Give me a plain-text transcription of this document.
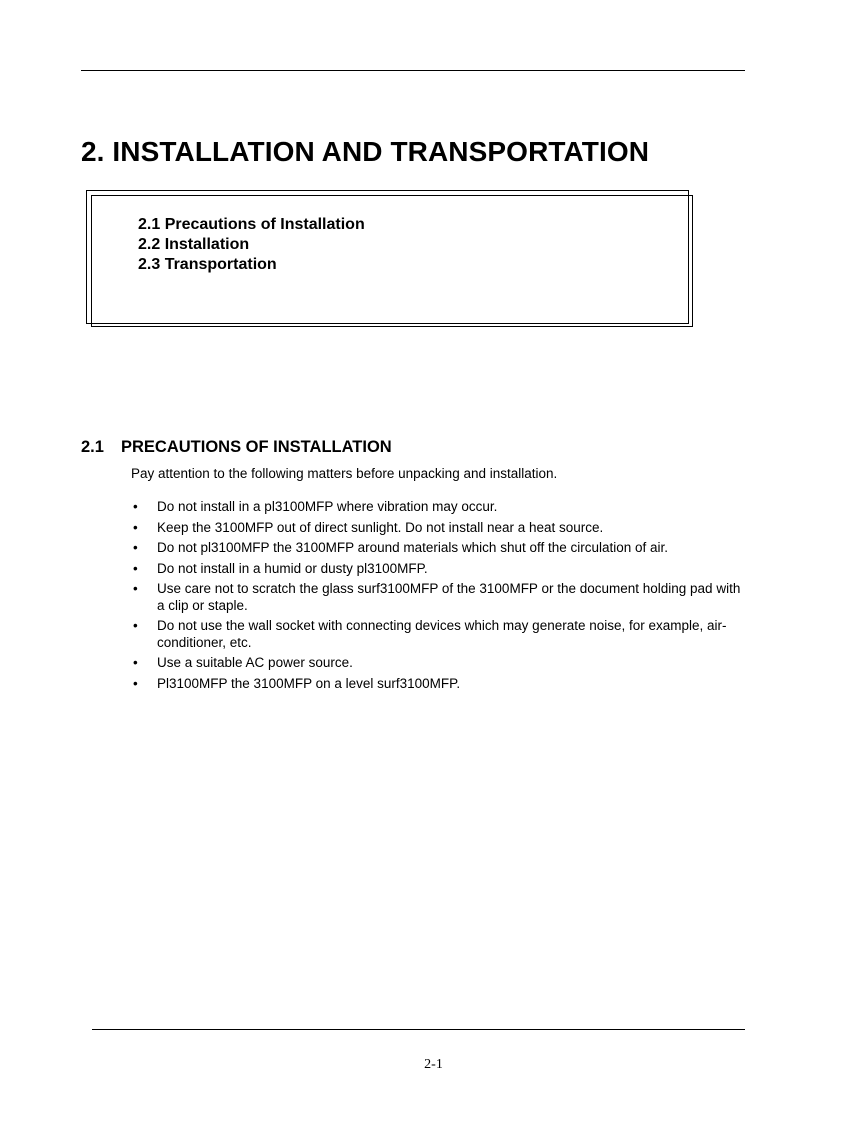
2. INSTALLATION AND TRANSPORTATION
2.1 Precautions of Installation
2.2 Installation
2.3 Transportation
2.1 PRECAUTIONS OF INSTALLATION

Pay attention to the following matters before unpacking and installation.

• Do not install in a pl3100MFP where vibration may occur.
• Keep the 3100MFP out of direct sunlight. Do not install near a heat source.
• Do not pl3100MFP the 3100MFP around materials which shut off the circulation of air.
• Do not install in a humid or dusty pl3100MFP.
• Use care not to scratch the glass surf3100MFP of the 3100MFP or the document holding pad with a clip or staple.
• Do not use the wall socket with connecting devices which may generate noise, for example, air-conditioner, etc.
• Use a suitable AC power source.
• Pl3100MFP the 3100MFP on a level surf3100MFP.
2-1
